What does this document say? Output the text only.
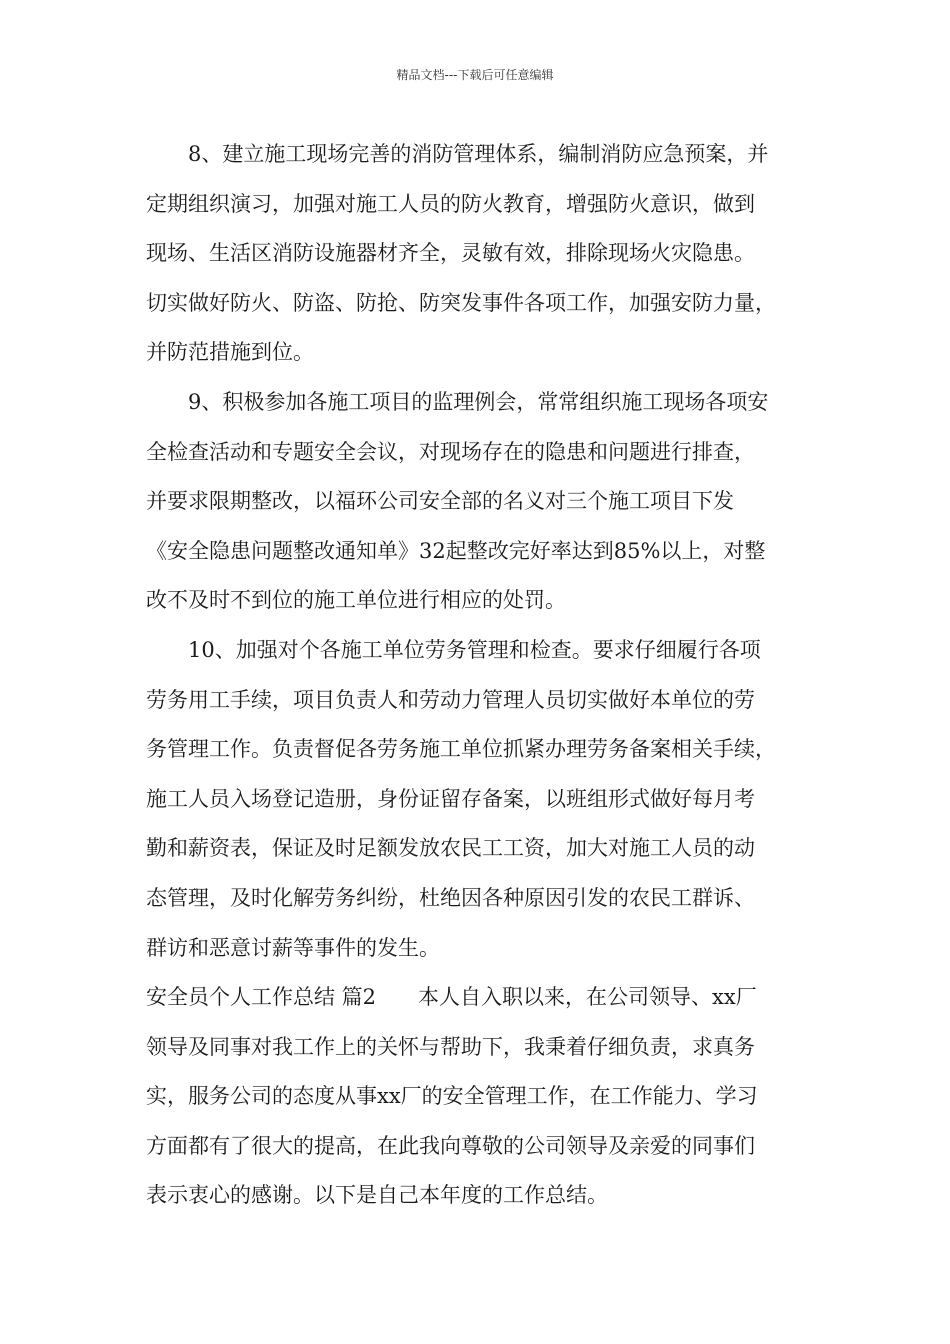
精品文档---下载后可任意编辑

8、建立施工现场完善的消防管理体系，编制消防应急预案，并
定期组织演习，加强对施工人员的防火教育，增强防火意识，做到
现场、生活区消防设施器材齐全，灵敏有效，排除现场火灾隐患。
切实做好防火、防盗、防抢、防突发事件各项工作，加强安防力量，
并防范措施到位。

9、积极参加各施工项目的监理例会，常常组织施工现场各项安
全检查活动和专题安全会议，对现场存在的隐患和问题进行排查，
并要求限期整改，以福环公司安全部的名义对三个施工项目下发
《安全隐患问题整改通知单》32起整改完好率达到85%以上，对整
改不及时不到位的施工单位进行相应的处罚。

10、加强对个各施工单位劳务管理和检查。要求仔细履行各项
劳务用工手续，项目负责人和劳动力管理人员切实做好本单位的劳
务管理工作。负责督促各劳务施工单位抓紧办理劳务备案相关手续，
施工人员入场登记造册，身份证留存备案，以班组形式做好每月考
勤和薪资表，保证及时足额发放农民工工资，加大对施工人员的动
态管理，及时化解劳务纠纷，杜绝因各种原因引发的农民工群诉、
群访和恶意讨薪等事件的发生。

安全员个人工作总结 篇2　　本人自入职以来，在公司领导、xx厂
领导及同事对我工作上的关怀与帮助下，我秉着仔细负责，求真务
实，服务公司的态度从事xx厂的安全管理工作，在工作能力、学习
方面都有了很大的提高，在此我向尊敬的公司领导及亲爱的同事们
表示衷心的感谢。以下是自己本年度的工作总结。
